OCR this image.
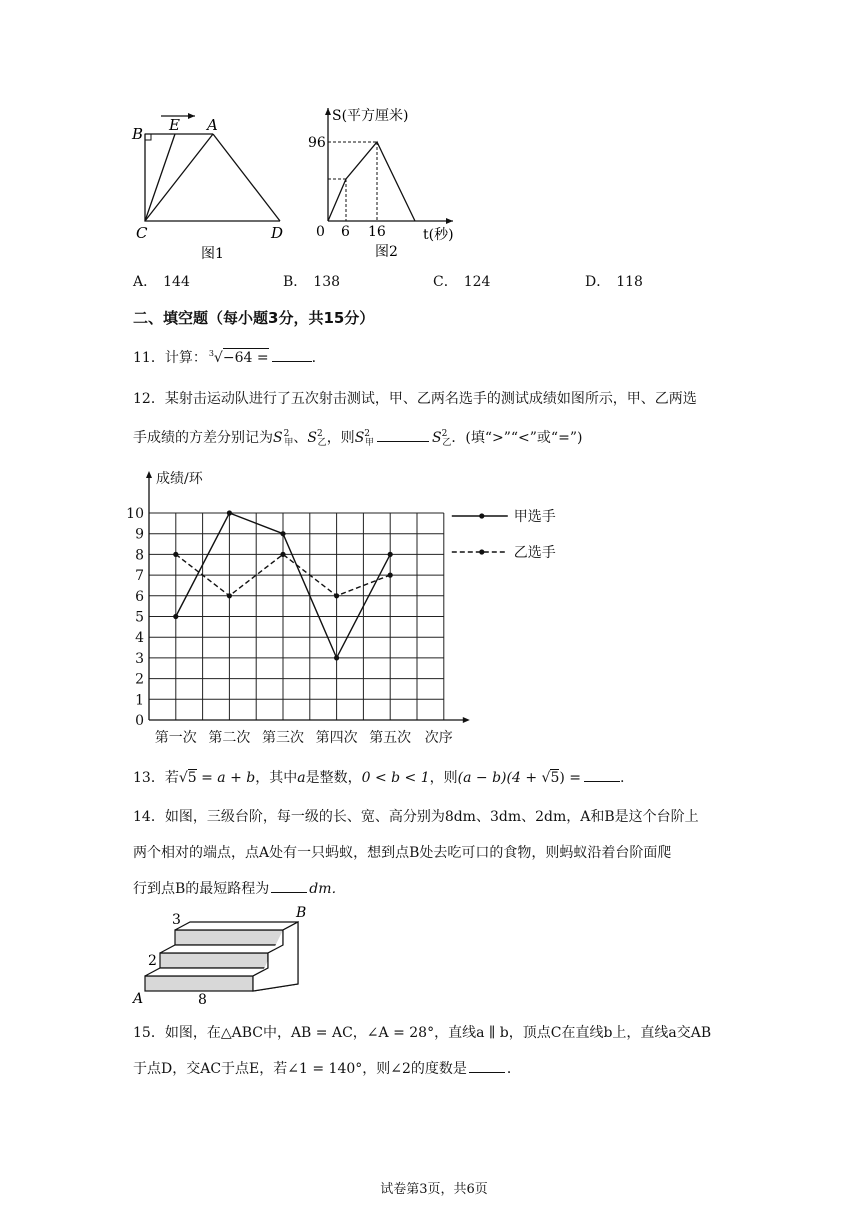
B E A
C	D
图1
S(平方厘米)
96
0 6 16	t(秒)
图2
A． 144	B． 138	C． 124	D． 118
二、填空题（每小题3分，共15分）
11．计算： $^3$√−64 =	.
12．某射击运动队进行了五次射击测试，甲、乙两名选手的测试成绩如图所示，甲、乙两选
手成绩的方差分别记为$S^2_甲$、$S^2_乙$，则$S^2_甲$	$S^2_乙$．(填“>”“<”或“=”)
0
1
2
3
4
5
6
7
8
9
10
成绩/环
第一次 第二次 第三次 第四次 第五次 次序
甲选手
乙选手
13．若√5 = a + b，其中a是整数，0 < b < 1，则(a − b)(4 + √5) =	.
14．如图，三级台阶，每一级的长、宽、高分别为8dm、3dm、2dm，A和B是这个台阶上
两个相对的端点，点A处有一只蚂蚁，想到点B处去吃可口的食物，则蚂蚁沿着台阶面爬
行到点B的最短路程为	dm．
3	B
2
A	8
15．如图，在△ABC中，AB = AC，∠A = 28°，直线a ∥ b，顶点C在直线b上，直线a交AB
于点D，交AC于点E，若∠1 = 140°，则∠2的度数是	．
试卷第3页，共6页
